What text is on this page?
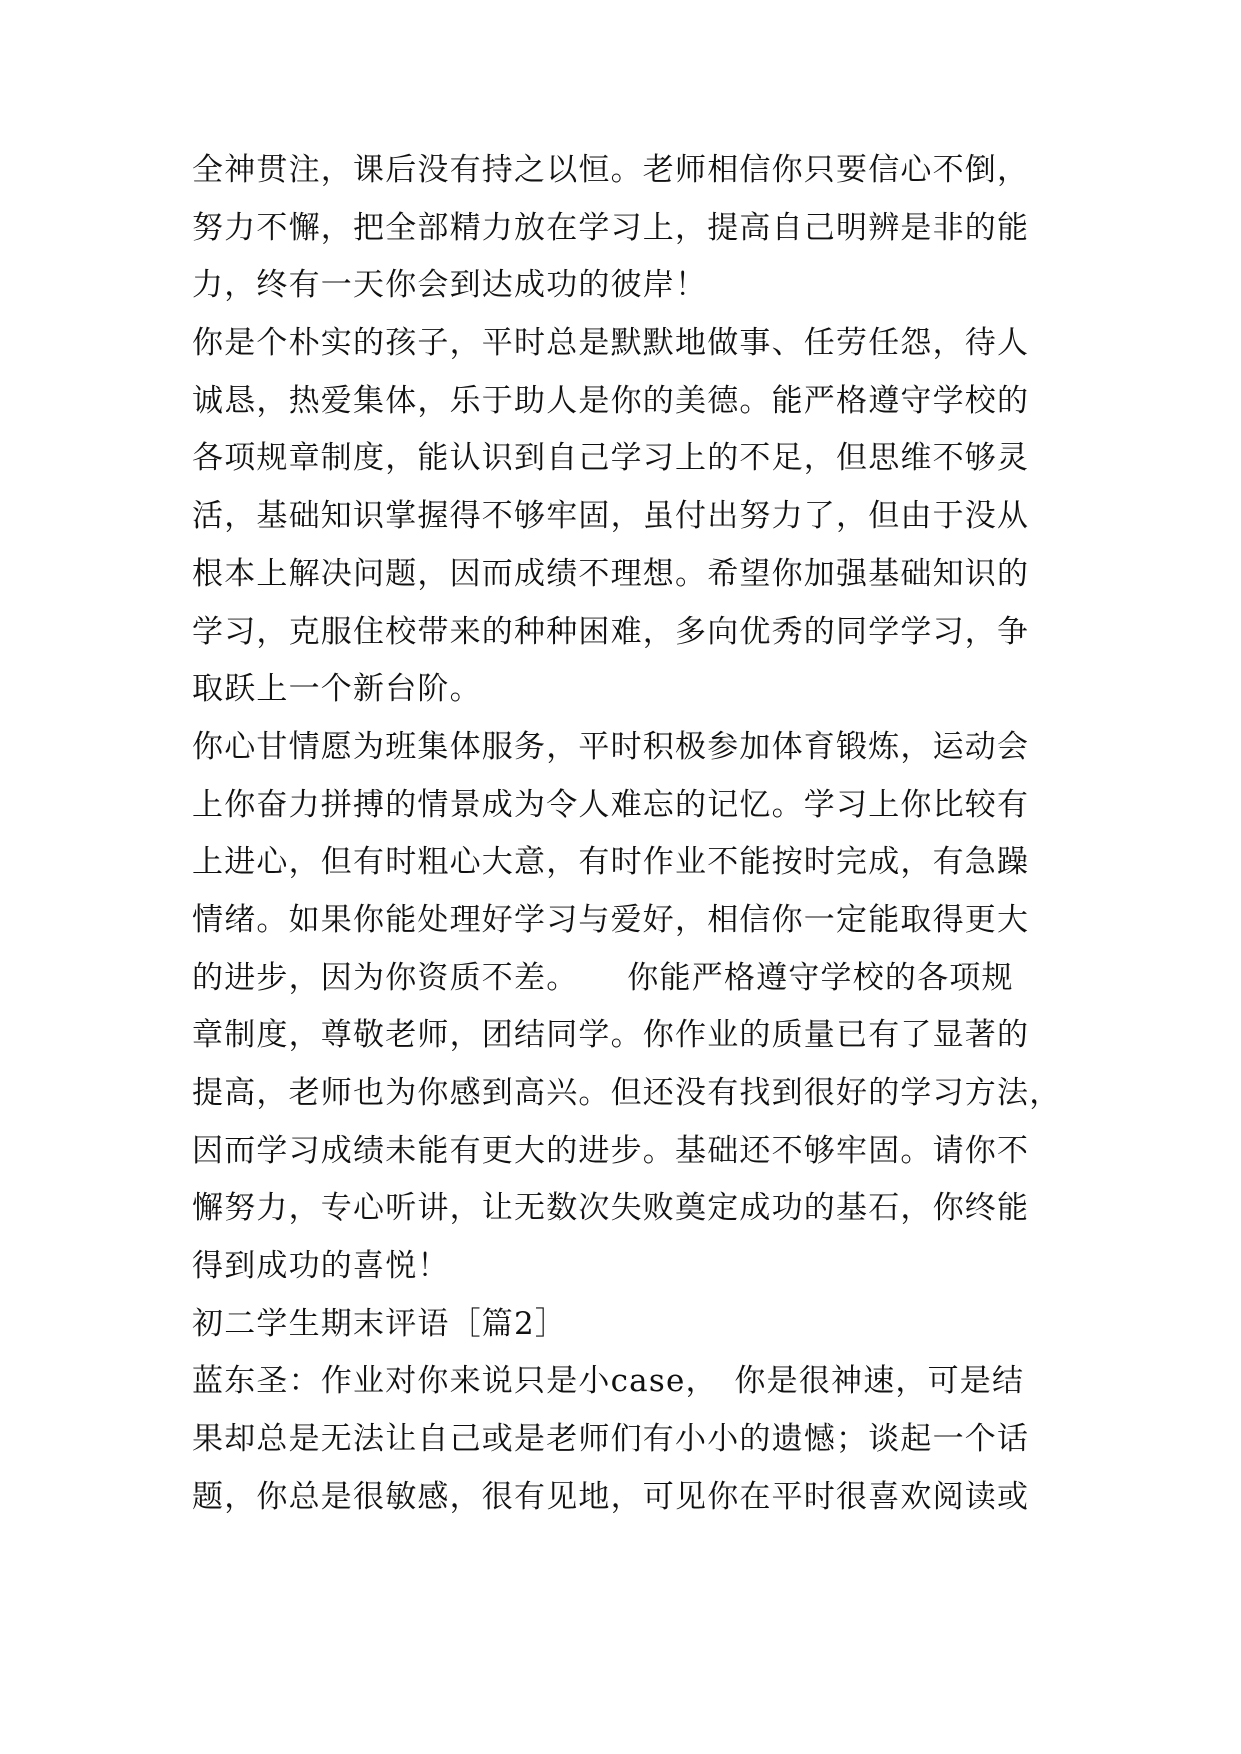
全神贯注，课后没有持之以恒。老师相信你只要信心不倒，
努力不懈，把全部精力放在学习上，提高自己明辨是非的能
力，终有一天你会到达成功的彼岸！
你是个朴实的孩子，平时总是默默地做事、任劳任怨，待人
诚恳，热爱集体，乐于助人是你的美德。能严格遵守学校的
各项规章制度，能认识到自己学习上的不足，但思维不够灵
活，基础知识掌握得不够牢固，虽付出努力了，但由于没从
根本上解决问题，因而成绩不理想。希望你加强基础知识的
学习，克服住校带来的种种困难，多向优秀的同学学习，争
取跃上一个新台阶。
你心甘情愿为班集体服务，平时积极参加体育锻炼，运动会
上你奋力拼搏的情景成为令人难忘的记忆。学习上你比较有
上进心，但有时粗心大意，有时作业不能按时完成，有急躁
情绪。如果你能处理好学习与爱好，相信你一定能取得更大
的进步，因为你资质不差。　　你能严格遵守学校的各项规
章制度，尊敬老师，团结同学。你作业的质量已有了显著的
提高，老师也为你感到高兴。但还没有找到很好的学习方法，
因而学习成绩未能有更大的进步。基础还不够牢固。请你不
懈努力，专心听讲，让无数次失败奠定成功的基石，你终能
得到成功的喜悦！
初二学生期末评语［篇2］
蓝东圣：作业对你来说只是小case，　你是很神速，可是结
果却总是无法让自己或是老师们有小小的遗憾；谈起一个话
题，你总是很敏感，很有见地，可见你在平时很喜欢阅读或
